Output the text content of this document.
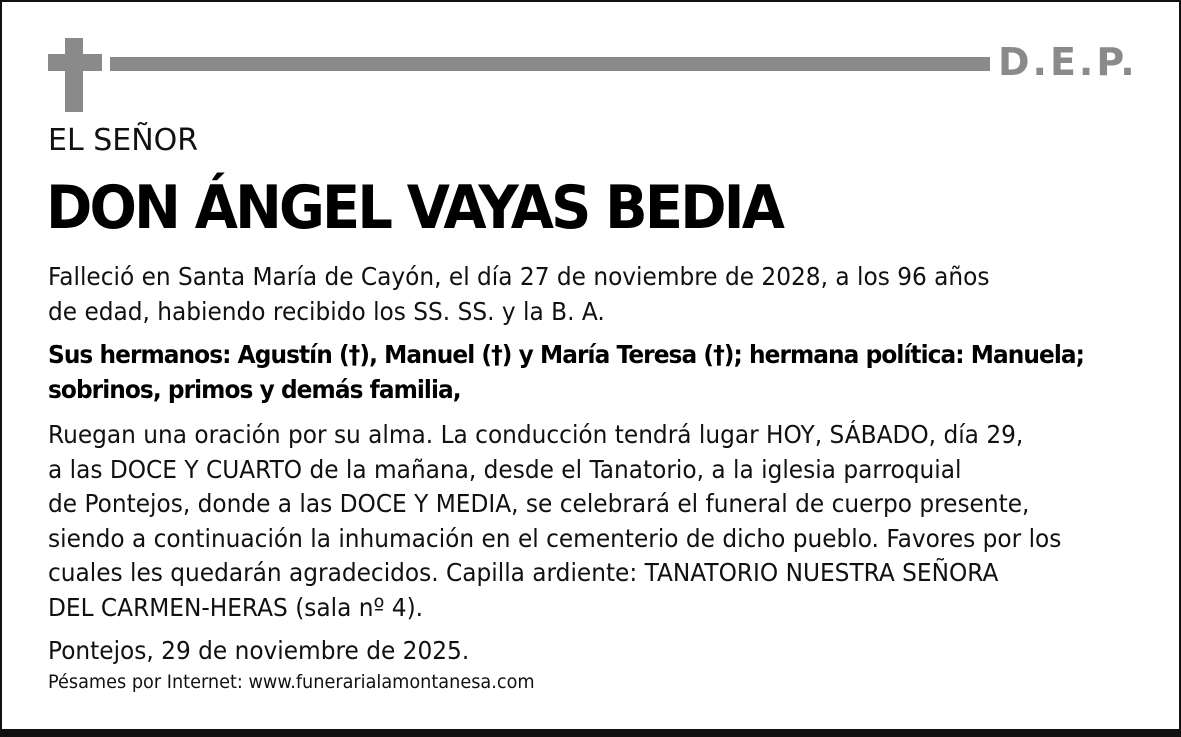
D.E.P.
EL SEÑOR
DON ÁNGEL VAYAS BEDIA
Falleció en Santa María de Cayón, el día 27 de noviembre de 2028, a los 96 años
de edad, habiendo recibido los SS. SS. y la B. A.
Sus hermanos: Agustín (†), Manuel (†) y María Teresa (†); hermana política: Manuela;
sobrinos, primos y demás familia,
Ruegan una oración por su alma. La conducción tendrá lugar HOY, SÁBADO, día 29,
a las DOCE Y CUARTO de la mañana, desde el Tanatorio, a la iglesia parroquial
de Pontejos, donde a las DOCE Y MEDIA, se celebrará el funeral de cuerpo presente,
siendo a continuación la inhumación en el cementerio de dicho pueblo. Favores por los
cuales les quedarán agradecidos. Capilla ardiente: TANATORIO NUESTRA SEÑORA
DEL CARMEN-HERAS (sala nº 4).
Pontejos, 29 de noviembre de 2025.
Pésames por Internet: www.funerarialamontanesa.com
